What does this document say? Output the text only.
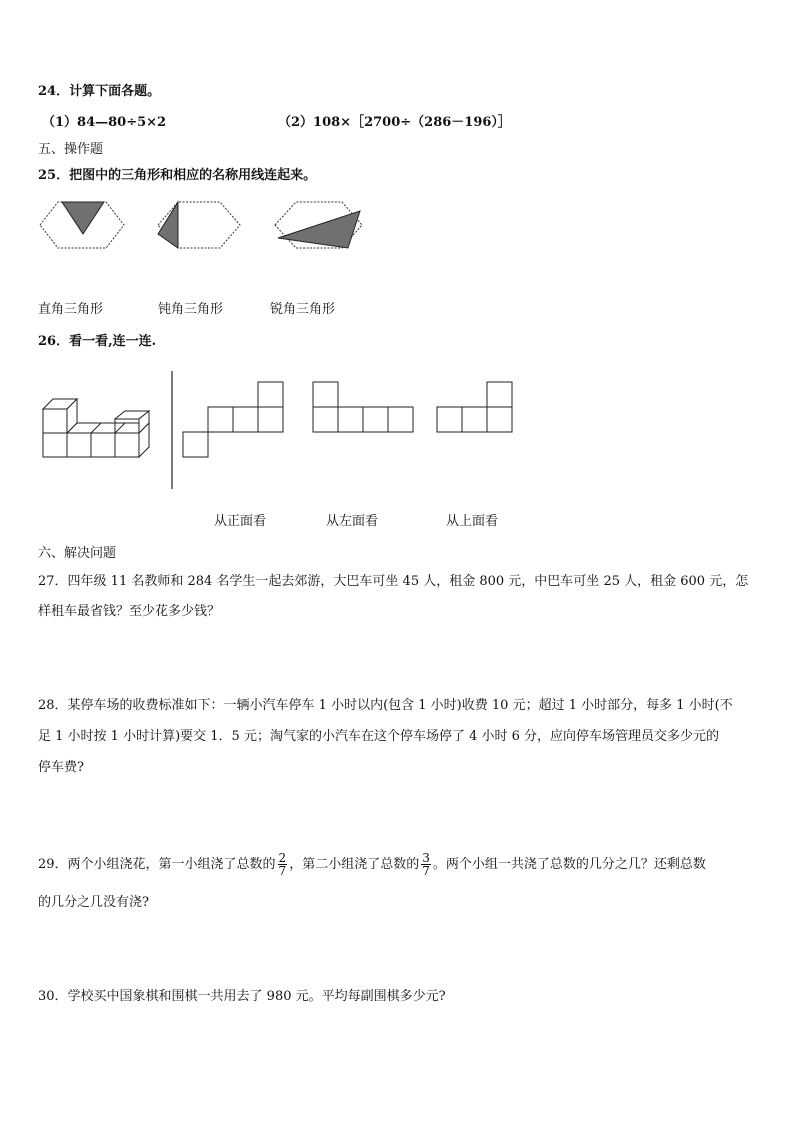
24．计算下面各题。
（1）84—80÷5×2	（2）108×［2700÷（286－196）］
五、操作题
25．把图中的三角形和相应的名称用线连起来。
直角三角形	钝角三角形	锐角三角形
26．看一看,连一连.
从正面看	从左面看	从上面看
六、解决问题
27．四年级 11 名教师和 284 名学生一起去郊游，大巴车可坐 45 人，租金 800 元，中巴车可坐 25 人，租金 600 元，怎
样租车最省钱？至少花多少钱？
28．某停车场的收费标准如下：一辆小汽车停车 1 小时以内(包含 1 小时)收费 10 元；超过 1 小时部分，每多 1 小时(不
足 1 小时按 1 小时计算)要交 1．5 元；淘气家的小汽车在这个停车场停了 4 小时 6 分，应向停车场管理员交多少元的
停车费?
29．两个小组浇花，第一小组浇了总数的 $\frac{2}{7}$ ，第二小组浇了总数的 $\frac{3}{7}$ 。两个小组一共浇了总数的几分之几？还剩总数
的几分之几没有浇?
30．学校买中国象棋和围棋一共用去了 980 元。平均每副围棋多少元?
